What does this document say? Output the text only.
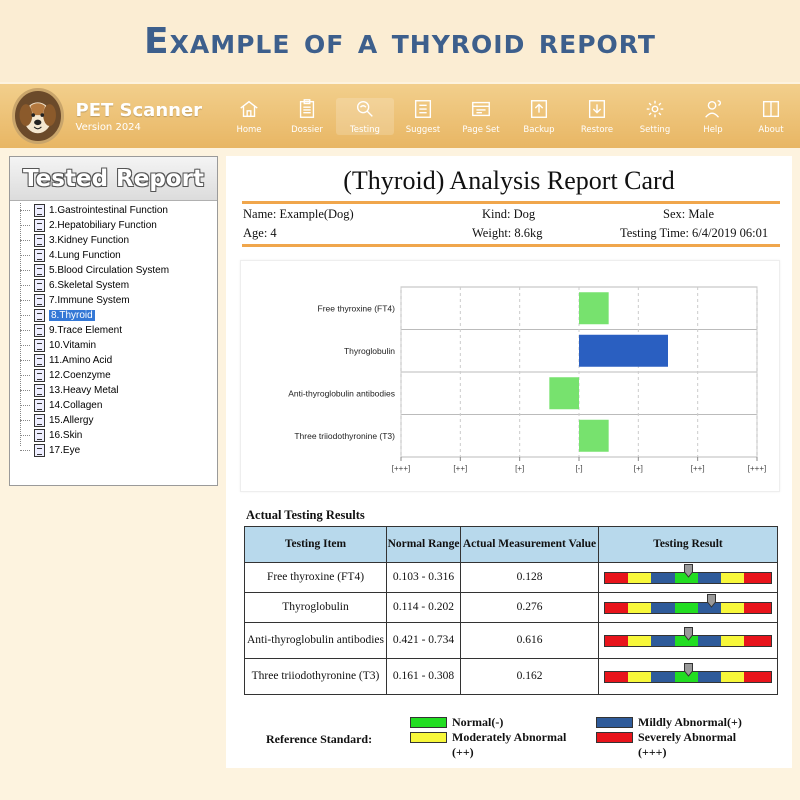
Example of a thyroid report
PET Scanner
Version 2024	Home	Dossier	Testing	Suggest	Page Set	Backup	Restore	Setting	Help	About
Tested Report
1.Gastrointestinal Function
2.Hepatobiliary Function
3.Kidney Function
4.Lung Function
5.Blood Circulation System
6.Skeletal System
7.Immune System
8.Thyroid
9.Trace Element
10.Vitamin
11.Amino Acid
12.Coenzyme
13.Heavy Metal
14.Collagen
15.Allergy
16.Skin
17.Eye
(Thyroid) Analysis Report Card
Name: Example(Dog)	Kind: Dog	Sex: Male
Age: 4	Weight: 8.6kg	Testing Time: 6/4/2019 06:01
[+++]	[++]	[+]	[-]	[+]	[++]	[+++]
Free thyroxine (FT4)
Thyroglobulin
Anti-thyroglobulin antibodies
Three triiodothyronine (T3)
Actual Testing Results
Testing Item	Normal Range	Actual Measurement Value	Testing Result
Free thyroxine (FT4)	0.103 - 0.316	0.128	

Thyroglobulin	0.114 - 0.202	0.276	

Anti-thyroglobulin antibodies	0.421 - 0.734	0.616	

Three triiodothyronine (T3)	0.161 - 0.308	0.162	
Reference Standard:
Normal(-)	Mildly Abnormal(+)
Moderately Abnormal (++)
Severely Abnormal (+++)
